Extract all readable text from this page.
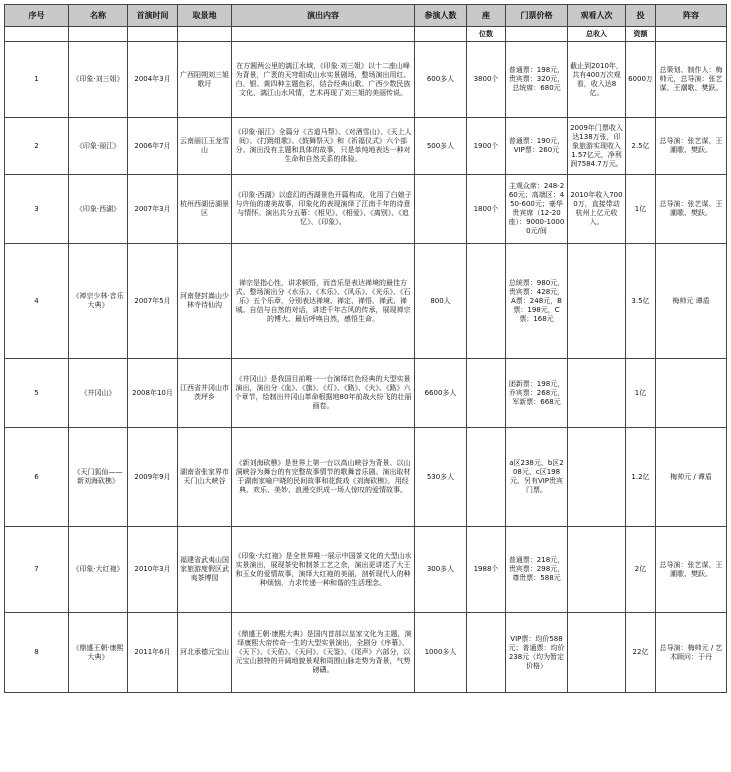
序号	名称	首演时间	取景地	演出内容	参演人数	座	门票价格	观看人次	投	阵容
						位数		总收入	资额	
1	《印象·刘三姐》	2004年3月	广西阳朔刘三姐歌圩	在方圆两公里的漓江水域，《印象·刘三姐》以十二座山峰为背景，广袤的天穹组成山水实景剧场，整场演出用红、白、银、黄四种主题色彩，结合经典山歌、广西少数民族文化、漓江山水风情，艺术再现了刘三姐的美丽传说。	600多人	3800个	普通票：198元，贵宾票：320元，总统席：680元	截止到2010年，共有400万次观看，收入达8亿。	6000万	总策划、制作人：梅帅元，总导演：张艺谋、王潮歌、樊跃。
2	《印象·丽江》	2006年7月	云南丽江玉龙雪山	《印象·丽江》全篇分《古道马帮》、《对酒雪山》、《天上人间》、《打跳组歌》、《鼓舞祭天》和《祈福仪式》六个部分。演出没有主题和具体的故事，只是单纯地表达一种对生命和自然关系的体验。	500多人	1900个	普通票：190元，VIP票：260元	2009年门票收入达138万张，印象旅游实现收入1.57亿元，净利润7584.7万元。	2.5亿	总导演：张艺谋、王潮歌、樊跃。
3	《印象·西湖》	2007年3月	杭州西湖岳湖景区	《印象·西湖》以虚幻的西湖景色开篇构成，化用了白娘子与许仙的凄美故事，印象化的表现演绎了江南千年的诗意与情怀。演出共分五幕：《相见》、《相爱》、《离别》、《追忆》、《印象》。		1800个	主观众席：248-260元；高端区：450-600元；豪华贵宾席（12-20座）：9000-10000元/间	2010年收入7000万，直接带动杭州上亿元收入。	1亿	总导演：张艺谋、王潮歌、樊跃。
4	《禅宗少林·音乐大典》	2007年5月	河南登封嵩山少林寺待仙沟	禅宗是指心性，讲求顿悟，而音乐是表达禅境的最佳方式。整场演出分《水乐》、《木乐》、《风乐》、《光乐》、《石乐》五个乐章，分别表达禅境、禅定、禅悟、禅武、禅城。自信与自然的对话，讲述千年古风的传承，展现禅宗的博大、最后呼唤自然，感悟生命。	800人		总统票：980元，贵宾票：428元，A票：248元，B票：198元，C票：168元		3.5亿	梅帅元 谭盾
5	《井冈山》	2008年10月	江西省井冈山市茨坪乡	《井冈山》是我国目前唯一一台演绎红色经典的大型实景演出，演出分《血》、《旗》、《灯》、《路》、《火》、《路》六个章节，绘制出井冈山革命根据地80年前战火纷飞的壮丽画卷。	6600多人		团新票：198元，乔宾票：268元，军新票：668元		1亿	
6	《天门狐仙——新刘海砍樵》	2009年9月	湖南省张家界市天门山大峡谷	《新刘海砍樵》是世界上第一台以高山峡谷为背景、以山洞峡谷为舞台的有完整故事情节的歌舞音乐剧。演出取材于湖南家喻户晓的民间故事和花鼓戏《刘海砍樵》，用经典、欢乐、美妙、浪漫交织成一场人惊叹的爱情故事。	530多人		a区238元、b区208元、c区198元、另有VIP贵宾门票。		1.2亿	梅帅元 / 谭盾
7	《印象·大红袍》	2010年3月	福建省武夷山国家旅游度假区武夷茶博园	《印象·大红袍》是全世界唯一展示中国茶文化的大型山水实景演出，展现茶史和制茶工艺之余，演出更讲述了大王和玉女的爱情故事，演绎大红袍的美丽，剖析现代人的种种烦恼，力求传递一种和谐的生活理念。	300多人	1988个	普通票：218元，贵宾票：298元，尊贵票：588元		2亿	总导演：张艺谋、王潮歌、樊跃。
8	《鼎盛王朝·康熙大典》	2011年6月	河北承德元宝山	《鼎盛王朝·康熙大典》是国内首部以皇家文化为主题，演绎康熙大帝传奇一生的大型实景演出，全剧分《序幕》、《天下》、《天佑》、《天问》、《天鉴》、《尾声》六部分，以元宝山独特的开阔地貌景观和周围山脉走势为背景，气势磅礴。	1000多人		VIP票：均价588元；普通票：均价238元（均为暂定价格）		22亿	总导演：梅帅元 / 艺术顾问：于丹
